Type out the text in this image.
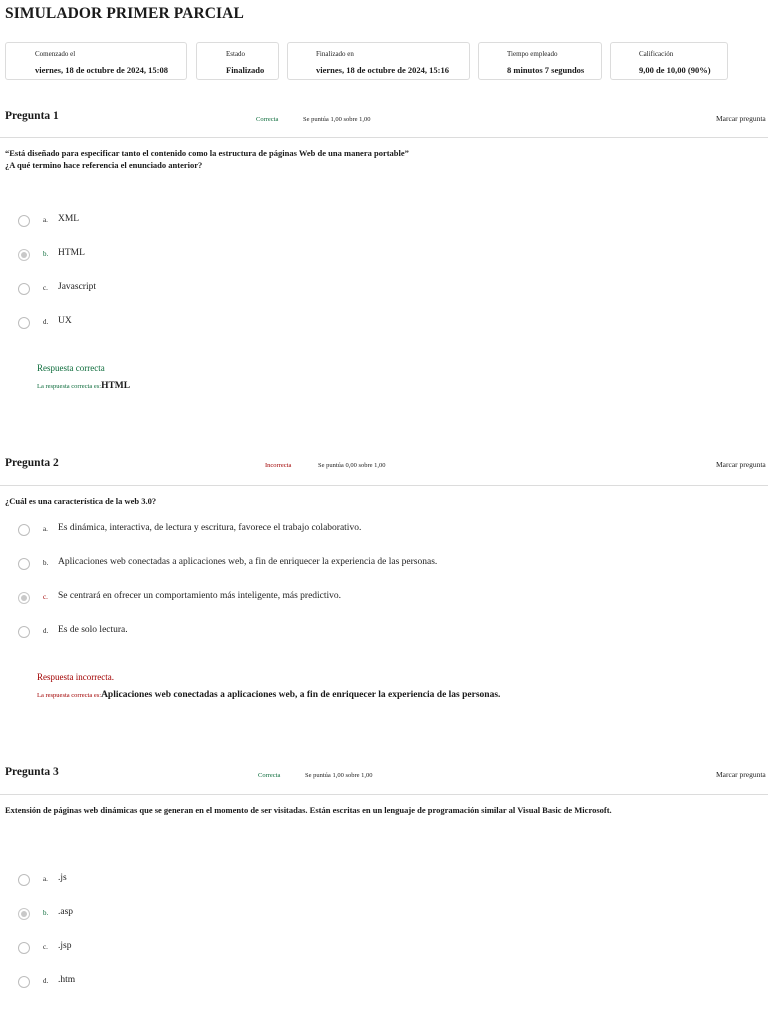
SIMULADOR PRIMER PARCIAL
Comenzado el
viernes, 18 de octubre de 2024, 15:08
Estado
Finalizado
Finalizado en
viernes, 18 de octubre de 2024, 15:16
Tiempo empleado
8 minutos 7 segundos
Calificación
9,00 de 10,00 (90%)
Pregunta 1	Correcta	Se puntúa 1,00 sobre 1,00	Marcar pregunta
“Está diseñado para especificar tanto el contenido como la estructura de páginas Web de una manera portable”
¿A qué termino hace referencia el enunciado anterior?
a. XML
b. HTML
c. Javascript
d. UX
Respuesta correcta
La respuesta correcta es:HTML
Pregunta 2	Incorrecta	Se puntúa 0,00 sobre 1,00	Marcar pregunta
¿Cuál es una característica de la web 3.0?
a. Es dinámica, interactiva, de lectura y escritura, favorece el trabajo colaborativo.
b. Aplicaciones web conectadas a aplicaciones web, a fin de enriquecer la experiencia de las personas.
c. Se centrará en ofrecer un comportamiento más inteligente, más predictivo.
d. Es de solo lectura.
Respuesta incorrecta.
La respuesta correcta es:Aplicaciones web conectadas a aplicaciones web, a fin de enriquecer la experiencia de las personas.
Pregunta 3	Correcta	Se puntúa 1,00 sobre 1,00	Marcar pregunta
Extensión de páginas web dinámicas que se generan en el momento de ser visitadas. Están escritas en un lenguaje de programación similar al Visual Basic de Microsoft.
a. .js
b. .asp
c. .jsp
d. .htm
